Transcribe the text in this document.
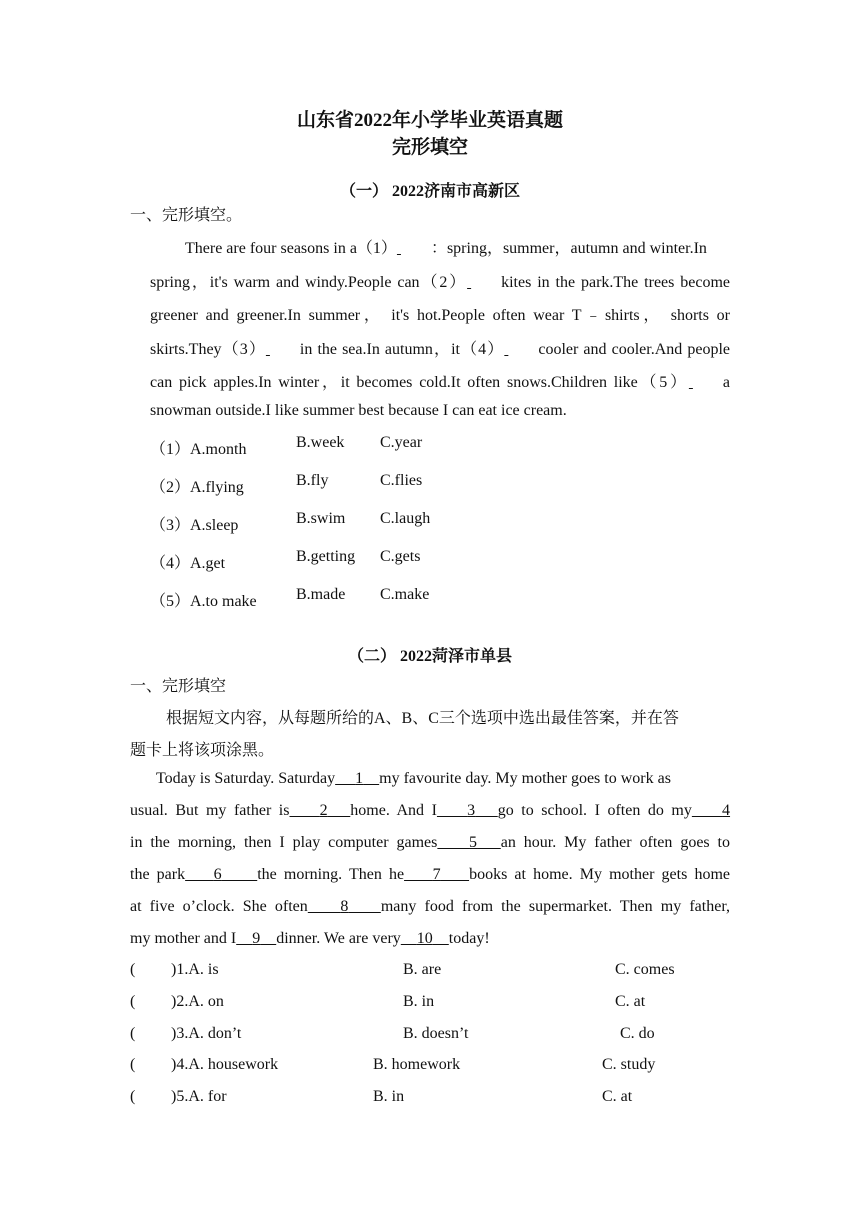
山东省2022年小学毕业英语真题
完形填空
（一） 2022济南市高新区
一、完形填空。
There are four seasons in a（1） ：spring，summer，autumn and winter.In
spring，it's warm and windy.People can（2） kites in the park.The trees become
greener and greener.In summer， it's hot.People often wear T﹣shirts， shorts or
skirts.They（3） in the sea.In autumn，it（4） cooler and cooler.And people
can pick apples.In winter，it becomes cold.It often snows.Children like（5） a
snowman outside.I like summer best because I can eat ice cream.
（1）A.month	B.week C.year
（2）A.flying	B.fly	C.flies
（3）A.sleep	B.swim C.laugh
（4）A.get	B.getting C.gets
（5）A.to make B.made C.make
（二） 2022菏泽市单县
一、完形填空
根据短文内容，从每题所给的A、B、C三个选项中选出最佳答案，并在答
题卡上将该项涂黑。
Today is Saturday. Saturday 1 my favourite day. My mother goes to work as
usual. But my father is 2 home. And I 3 go to school. I often do my 4
in the morning, then I play computer games 5 an hour. My father often goes to
the park 6 the morning. Then he 7 books at home. My mother gets home
at five o’clock. She often 8 many food from the supermarket. Then my father,
my mother and I 9 dinner. We are very 10 today!
( )1.A. is	B. are	C. comes
( )2.A. on	B. in	C. at
( )3.A. don’t	B. doesn’t	C. do
( )4.A. housework	B. homework	C. study
( )5.A. for	B. in	C. at
